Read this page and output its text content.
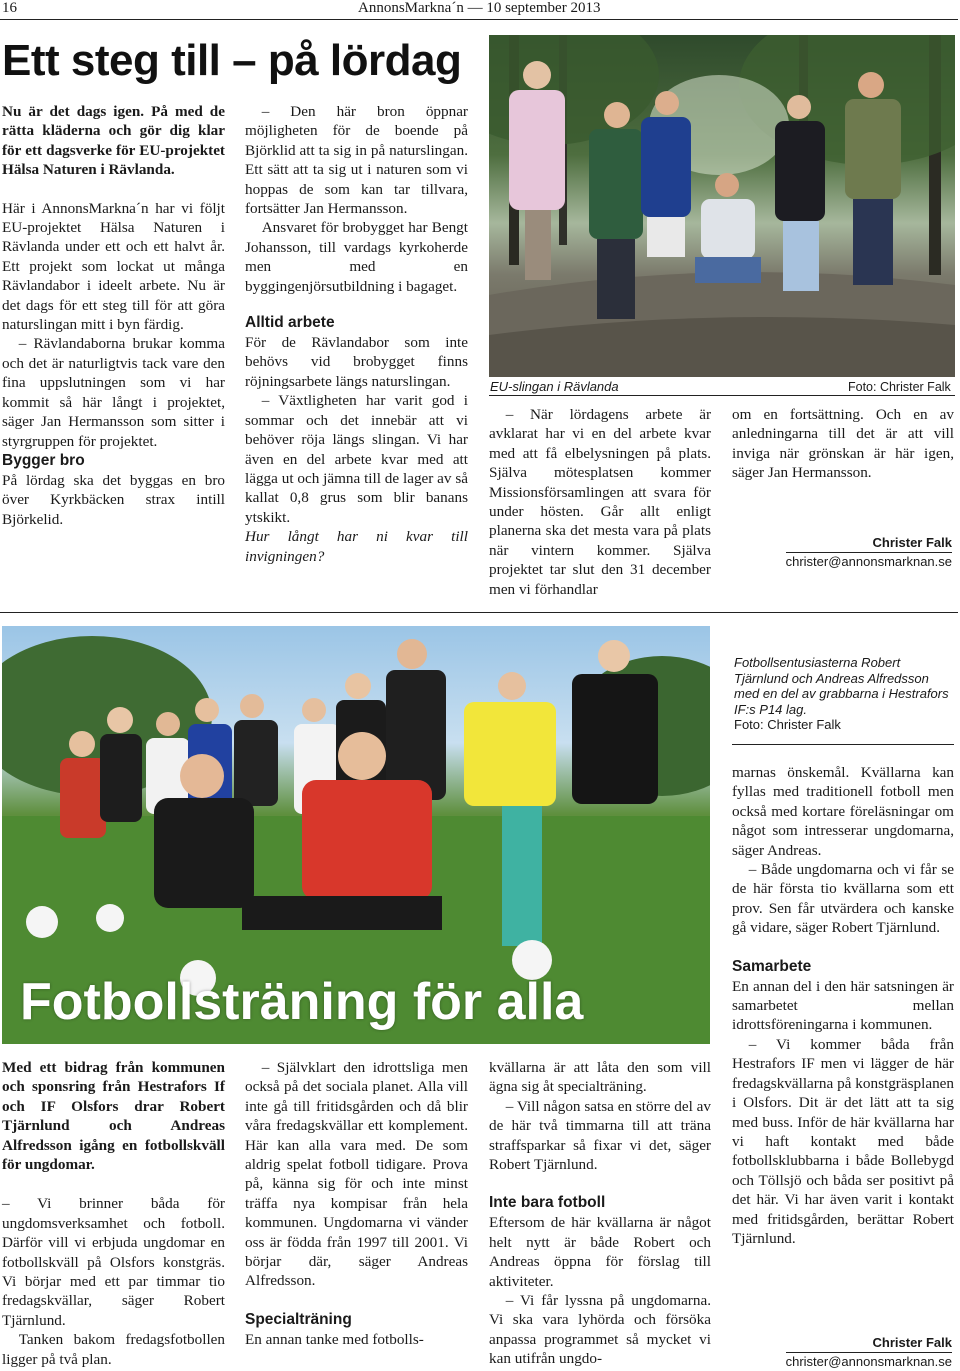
16	AnnonsMarkna´n — 10 september 2013
Ett steg till – på lördag

Nu är det dags igen. På med de rätta kläderna och gör dig klar för ett dagsverke för EU-projektet Hälsa Naturen i Rävlanda.

Här i AnnonsMarkna´n har vi följt EU-projektet Hälsa Naturen i Rävlanda under ett och ett halvt år. Ett projekt som lockat ut många Rävlandabor i ideelt arbete. Nu är det dags för ett steg till för att göra naturslingan mitt i byn färdig.

– Rävlandaborna brukar komma och det är naturligtvis tack vare den fina uppslutningen som vi har kommit så här långt i projektet, säger Jan Hermansson som sitter i styrgruppen för projektet.

Bygger bro

På lördag ska det byggas en bro över Kyrkbäcken strax intill Björkelid.

– Den här bron öppnar möjligheten för de boende på Björklid att ta sig in på naturslingan. Ett sätt att ta sig ut i naturen som vi hoppas de som kan tar tillvara, fortsätter Jan Hermansson.

Ansvaret för brobygget har Bengt Johansson, till vardags kyrkoherde men med en byggingenjörsutbildning i bagaget.

Alltid arbete

För de Rävlandabor som inte behövs vid brobygget finns röjningsarbete längs naturslingan.

– Växtligheten har varit god i sommar och det innebär att vi behöver röja längs slingan. Vi har även en del arbete kvar med att lägga ut och jämna till de lager av så kallat 0,8 grus som blir banans ytskikt.

Hur långt har ni kvar till invigningen?

EU-slingan i Rävlanda	Foto: Christer Falk

– När lördagens arbete är avklarat har vi en del arbete kvar med att få elbelysningen på plats. Själva mötesplatsen kommer Missionsförsamlingen att svara för under hösten. Går allt enligt planerna ska det mesta vara på plats när vintern kommer. Själva projektet tar slut den 31 december men vi förhandlar

om en fortsättning. Och en av anledningarna till det är att vill inviga när grönskan är här igen, säger Jan Hermansson.

Christer Falk
christer@annonsmarknan.se
Fotbollsträning för alla
Fotbollsentusiasterna Robert Tjärnlund och Andreas Alfredsson med en del av grabbarna i Hestrafors IF:s P14 lag.
Foto: Christer Falk

marnas önskemål. Kvällarna kan fyllas med traditionell fotboll men också med kortare föreläsningar om något som intresserar ungdomarna, säger Andreas.

– Både ungdomarna och vi får se de här första tio kvällarna som ett prov. Sen får utvärdera och kanske gå vidare, säger Robert Tjärnlund.

Samarbete

En annan del i den här satsningen är samarbetet mellan idrottsföreningarna i kommunen.

– Vi kommer båda från Hestrafors IF men vi lägger de här fredagskvällarna på konstgräsplanen i Olsfors. Dit är det lätt att ta sig med buss. Inför de här kvällarna har vi haft kontakt med både fotbollsklubbarna i både Bollebygd och Töllsjö och båda ser positivt på det här. Vi har även varit i kontakt med fritidsgården, berättar Robert Tjärnlund.

Med ett bidrag från kommunen och sponsring från Hestrafors If och IF Olsfors drar Robert Tjärnlund och Andreas Alfredsson igång en fotbollskväll för ungdomar.

– Vi brinner båda för ungdomsverksamhet och fotboll. Därför vill vi erbjuda ungdomar en fotbollskväll på Olsfors konstgräs. Vi börjar med ett par timmar tio fredagskvällar, säger Robert Tjärnlund.

Tanken bakom fredagsfotbollen ligger på två plan.

– Självklart den idrottsliga men också på det sociala planet. Alla vill inte gå till fritidsgården och då blir våra fredagskvällar ett komplement. Här kan alla vara med. De som aldrig spelat fotboll tidigare. Prova på, känna sig för och inte minst träffa nya kompisar från hela kommunen. Ungdomarna vi vänder oss är födda från 1997 till 2001. Vi börjar där, säger Andreas Alfredsson.

Specialträning

En annan tanke med fotbolls-

kvällarna är att låta den som vill ägna sig åt specialträning.

– Vill någon satsa en större del av de här två timmarna till att träna straffsparkar så fixar vi det, säger Robert Tjärnlund.

Inte bara fotboll

Eftersom de här kvällarna är något helt nytt är både Robert och Andreas öppna för förslag till aktiviteter.

– Vi får lyssna på ungdomarna. Vi ska vara lyhörda och försöka anpassa programmet så mycket vi kan utifrån ungdo-

Christer Falk
christer@annonsmarknan.se
